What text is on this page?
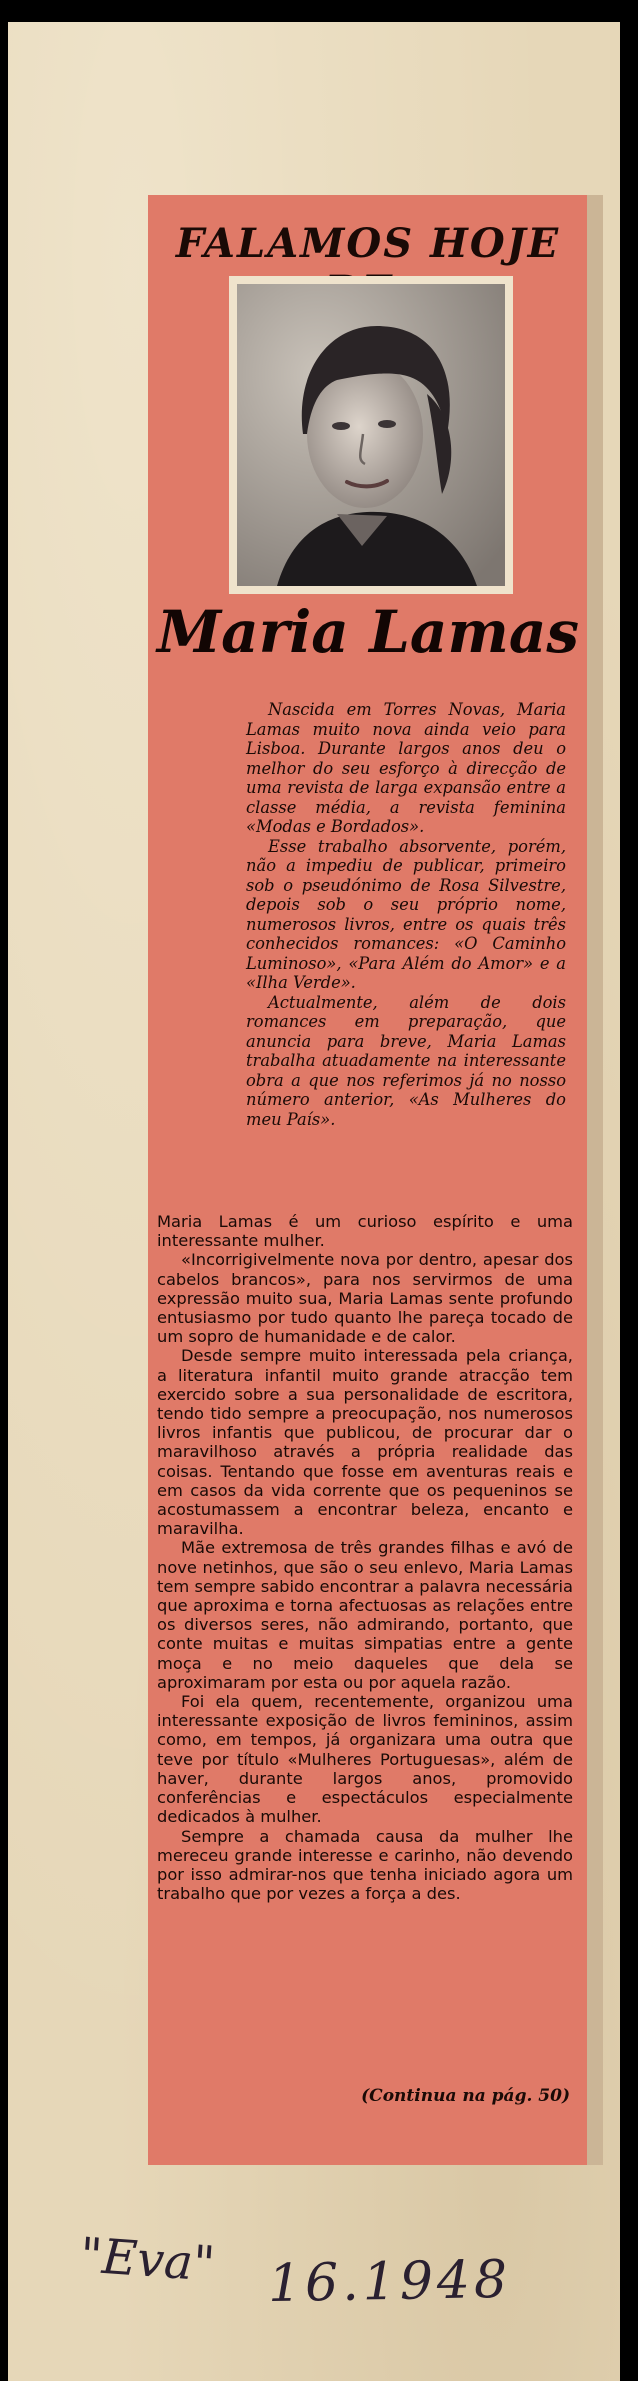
FALAMOS HOJE
Maria Lamas

Nascida em Torres Novas, Maria Lamas muito nova ainda veio para Lisboa. Durante largos anos deu o melhor do seu esforço à direcção de uma revista de larga expansão entre a classe média, a revista feminina «Modas e Bordados».

Esse trabalho absorvente, porém, não a impediu de publicar, primeiro sob o pseudónimo de Rosa Silvestre, depois sob o seu próprio nome, numerosos livros, entre os quais três conhecidos romances: «O Caminho Luminoso», «Para Além do Amor» e a «Ilha Verde».

Actualmente, além de dois romances em preparação, que anuncia para breve, Maria Lamas trabalha atuadamente na interessante obra a que nos referimos já no nosso número anterior, «As Mulheres do meu País».

Maria Lamas é um curioso espírito e uma interessante mulher.

«Incorrigivelmente nova por dentro, apesar dos cabelos brancos», para nos servirmos de uma expressão muito sua, Maria Lamas sente profundo entusiasmo por tudo quanto lhe pareça tocado de um sopro de humanidade e de calor.

Desde sempre muito interessada pela criança, a literatura infantil muito grande atracção tem exercido sobre a sua personalidade de escritora, tendo tido sempre a preocupação, nos numerosos livros infantis que publicou, de procurar dar o maravilhoso através a própria realidade das coisas. Tentando que fosse em aventuras reais e em casos da vida corrente que os pequeninos se acostumassem a encontrar beleza, encanto e maravilha.

Mãe extremosa de três grandes filhas e avó de nove netinhos, que são o seu enlevo, Maria Lamas tem sempre sabido encontrar a palavra necessária que aproxima e torna afectuosas as relações entre os diversos seres, não admirando, portanto, que conte muitas e muitas simpatias entre a gente moça e no meio daqueles que dela se aproximaram por esta ou por aquela razão.

Foi ela quem, recentemente, organizou uma interessante exposição de livros femininos, assim como, em tempos, já organizara uma outra que teve por título «Mulheres Portuguesas», além de haver, durante largos anos, promovido conferências e espectáculos especialmente dedicados à mulher.

Sempre a chamada causa da mulher lhe mereceu grande interesse e carinho, não devendo por isso admirar-nos que tenha iniciado agora um trabalho que por vezes a força a des.

(Continua na pág. 50)

"Eva" 16.1948
